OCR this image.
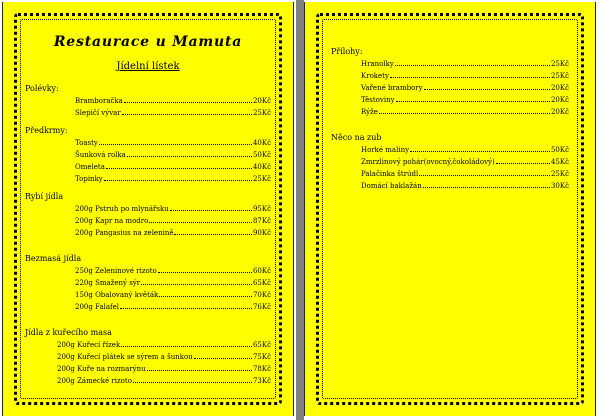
Restaurace u Mamuta
Jídelní lístek
Polévky:
Bramboračka	20Kč
Slepičí vývar	25Kč
Předkrmy:
Toasty	40Kč
Šunková rolka	50Kč
Omeleta	40Kč
Topinky	25Kč
Rybí jídla
200g Pstruh po mlynářsku	95Kč
200g Kapr na modro	87Kč
200g Pangasius na zelenině	90Kč
Bezmasá jídla
250g Zeleninové rizoto	60Kč
220g Smažený sýr	65Kč
150g Obalovaný květák	70Kč
200g Falafel	76Kč
Jídla z kuřecího masa
200g Kuřecí řízek	65Kč
200g Kuřecí plátek se sýrem a šunkou	75Kč
200g Kuře na rozmarýnu	78Kč
200g Zámecké rizoto	73Kč
Přílohy:
Hranolky	25Kč
Krokety	25Kč
Vařené brambory	20Kč
Těstoviny	20Kč
Rýže	20Kč
Něco na zub
Horké maliny	50Kč
Zmrzlinový pohár(ovocný,čokoládový)	45Kč
Palačinka štrúdl	25Kč
Domácí baklažán	30Kč
